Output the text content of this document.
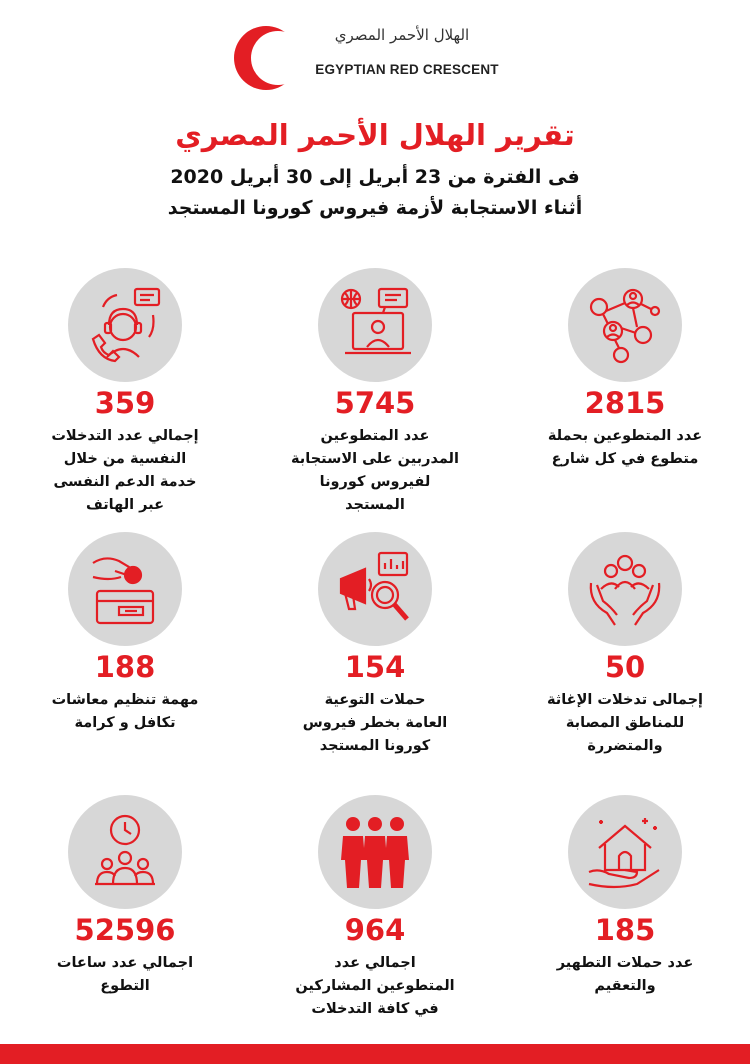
الهلال الأحمر المصري
EGYPTIAN RED CRESCENT
تقرير الهلال الأحمر المصري
فى الفترة من 23 أبريل إلى 30 أبريل 2020
أثناء الاستجابة لأزمة فيروس كورونا المستجد
2815
عدد المتطوعين بحملة
متطوع في كل شارع
5745
عدد المتطوعين
المدربين على الاستجابة
لفيروس كورونا
المستجد
359
إجمالي عدد التدخلات
النفسية من خلال
خدمة الدعم النفسى
عبر الهاتف
50
إجمالى تدخلات الإغاثة
للمناطق المصابة
والمتضررة
154
حملات التوعية
العامة بخطر فيروس
كورونا المستجد
188
مهمة تنظيم معاشات
تكافل و كرامة
185
عدد حملات التطهير
والتعقيم
964
اجمالي عدد
المتطوعين المشاركين
في كافة التدخلات
52596
اجمالي عدد ساعات
التطوع
